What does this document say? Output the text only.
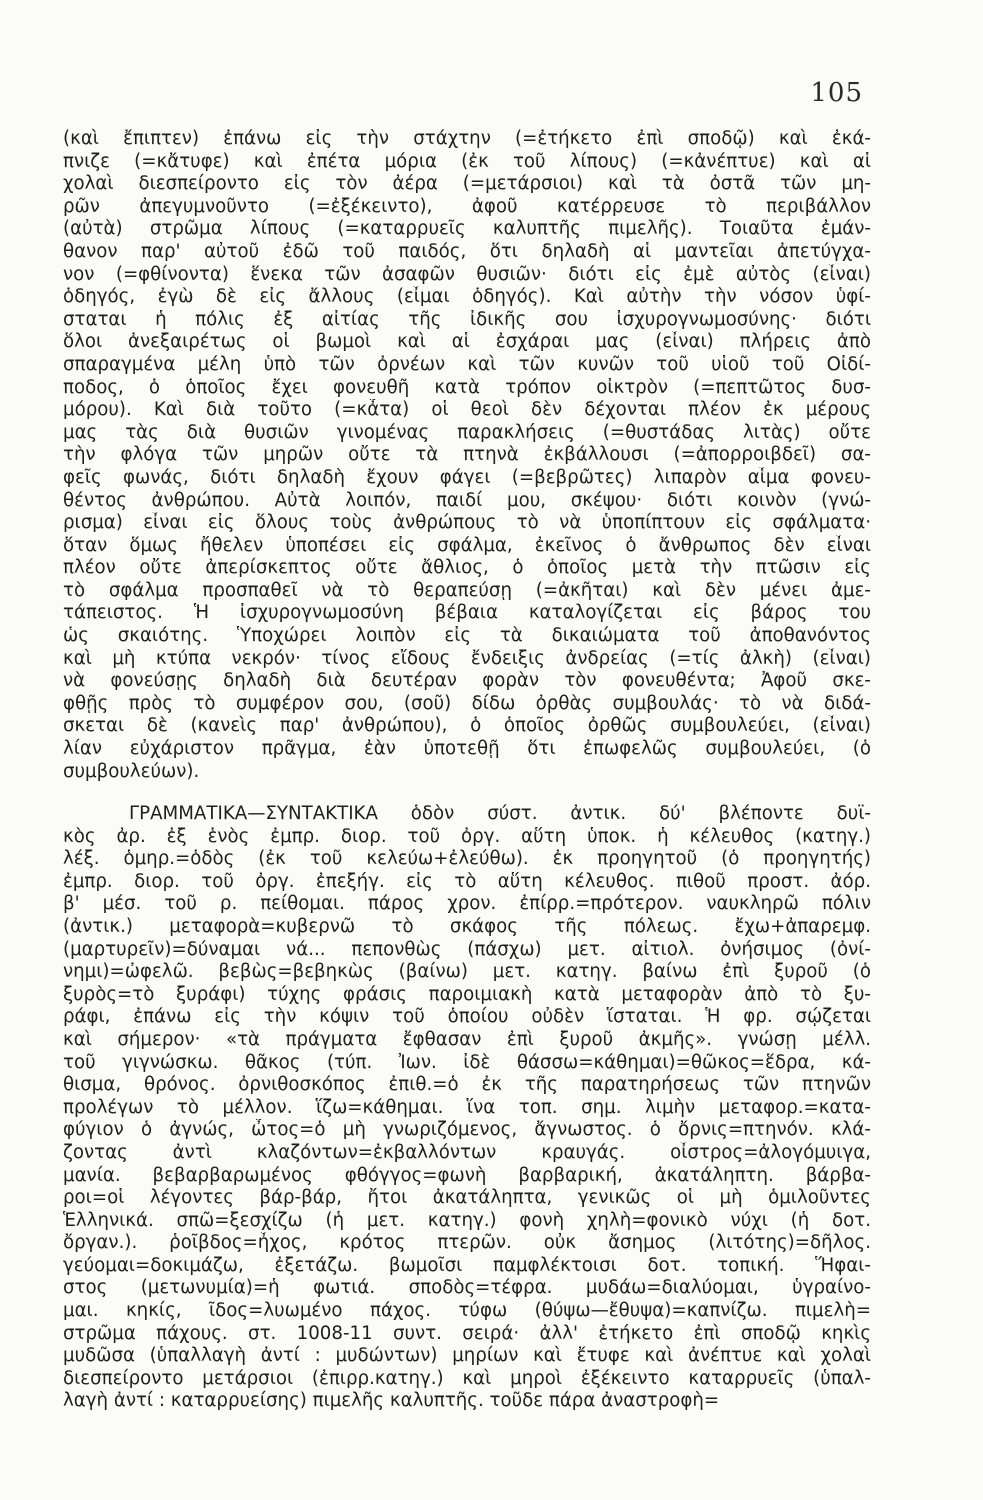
105
(καὶ ἔπιπτεν) ἐπάνω εἰς τὴν στάχτην (=ἐτήκετο ἐπὶ σποδῷ) καὶ ἐκά-
πνιζε (=κἄτυφε) καὶ ἐπέτα μόρια (ἐκ τοῦ λίπους) (=κἀνέπτυε) καὶ αἱ
χολαὶ διεσπείροντο εἰς τὸν ἀέρα (=μετάρσιοι) καὶ τὰ ὀστᾶ τῶν μη-
ρῶν ἀπεγυμνοῦντο (=ἐξέκειντο), ἀφοῦ κατέρρευσε τὸ περιβάλλον
(αὐτὰ) στρῶμα λίπους (=καταρρυεῖς καλυπτῆς πιμελῆς). Τοιαῦτα ἐμάν-
θανον παρ' αὐτοῦ ἐδῶ τοῦ παιδός, ὅτι δηλαδὴ αἱ μαντεῖαι ἀπετύγχα-
νον (=φθίνοντα) ἕνεκα τῶν ἀσαφῶν θυσιῶν· διότι εἰς ἐμὲ αὐτὸς (εἶναι)
ὁδηγός, ἐγὼ δὲ εἰς ἄλλους (εἶμαι ὁδηγός). Καὶ αὐτὴν τὴν νόσον ὑφί-
σταται ἡ πόλις ἐξ αἰτίας τῆς ἰδικῆς σου ἰσχυρογνωμοσύνης· διότι
ὅλοι ἀνεξαιρέτως οἱ βωμοὶ καὶ αἱ ἐσχάραι μας (εἶναι) πλήρεις ἀπὸ
σπαραγμένα μέλη ὑπὸ τῶν ὀρνέων καὶ τῶν κυνῶν τοῦ υἱοῦ τοῦ Οἰδί-
ποδος, ὁ ὁποῖος ἔχει φονευθῆ κατὰ τρόπον οἰκτρὸν (=πεπτῶτος δυσ-
μόρου). Καὶ διὰ τοῦτο (=κἆτα) οἱ θεοὶ δὲν δέχονται πλέον ἐκ μέρους
μας τὰς διὰ θυσιῶν γινομένας παρακλήσεις (=θυστάδας λιτὰς) οὔτε
τὴν φλόγα τῶν μηρῶν οὔτε τὰ πτηνὰ ἐκβάλλουσι (=ἀπορροιβδεῖ) σα-
φεῖς φωνάς, διότι δηλαδὴ ἔχουν φάγει (=βεβρῶτες) λιπαρὸν αἷμα φονευ-
θέντος ἀνθρώπου. Αὐτὰ λοιπόν, παιδί μου, σκέψου· διότι κοινὸν (γνώ-
ρισμα) εἶναι εἰς ὅλους τοὺς ἀνθρώπους τὸ νὰ ὑποπίπτουν εἰς σφάλματα·
ὅταν ὅμως ἤθελεν ὑποπέσει εἰς σφάλμα, ἐκεῖνος ὁ ἄνθρωπος δὲν εἶναι
πλέον οὔτε ἀπερίσκεπτος οὔτε ἄθλιος, ὁ ὁποῖος μετὰ τὴν πτῶσιν εἰς
τὸ σφάλμα προσπαθεῖ νὰ τὸ θεραπεύσῃ (=ἀκῆται) καὶ δὲν μένει ἀμε-
τάπειστος. Ἡ ἰσχυρογνωμοσύνη βέβαια καταλογίζεται εἰς βάρος του
ὡς σκαιότης. Ὑποχώρει λοιπὸν εἰς τὰ δικαιώματα τοῦ ἀποθανόντος
καὶ μὴ κτύπα νεκρόν· τίνος εἴδους ἔνδειξις ἀνδρείας (=τίς ἀλκὴ) (εἶναι)
νὰ φονεύσῃς δηλαδὴ διὰ δευτέραν φορὰν τὸν φονευθέντα; Ἀφοῦ σκε-
φθῇς πρὸς τὸ συμφέρον σου, (σοῦ) δίδω ὀρθὰς συμβουλάς· τὸ νὰ διδά-
σκεται δὲ (κανεὶς παρ' ἀνθρώπου), ὁ ὁποῖος ὀρθῶς συμβουλεύει, (εἶναι)
λίαν εὐχάριστον πρᾶγμα, ἐὰν ὑποτεθῇ ὅτι ἐπωφελῶς συμβουλεύει, (ὁ
συμβουλεύων).
ΓΡΑΜΜΑΤΙΚΑ—ΣΥΝΤΑΚΤΙΚΑ ὁδὸν σύστ. ἀντικ. δύ' βλέποντε δυϊ-
κὸς ἀρ. ἐξ ἑνὸς ἐμπρ. διορ. τοῦ ὀργ. αὕτη ὑποκ. ἡ κέλευθος (κατηγ.)
λέξ. ὁμηρ.=ὁδὸς (ἐκ τοῦ κελεύω+ἐλεύθω). ἐκ προηγητοῦ (ὁ προηγητής)
ἐμπρ. διορ. τοῦ ὀργ. ἐπεξήγ. εἰς τὸ αὕτη κέλευθος. πιθοῦ προστ. ἀόρ.
β' μέσ. τοῦ ρ. πείθομαι. πάρος χρον. ἐπίρρ.=πρότερον. ναυκληρῶ πόλιν
(ἀντικ.) μεταφορὰ=κυβερνῶ τὸ σκάφος τῆς πόλεως. ἔχω+ἀπαρεμφ.
(μαρτυρεῖν)=δύναμαι νά... πεπονθὼς (πάσχω) μετ. αἰτιολ. ὀνήσιμος (ὀνί-
νημι)=ὠφελῶ. βεβὼς=βεβηκὼς (βαίνω) μετ. κατηγ. βαίνω ἐπὶ ξυροῦ (ὁ
ξυρὸς=τὸ ξυράφι) τύχης φράσις παροιμιακὴ κατὰ μεταφορὰν ἀπὸ τὸ ξυ-
ράφι, ἐπάνω εἰς τὴν κόψιν τοῦ ὁποίου οὐδὲν ἵσταται. Ἡ φρ. σῴζεται
καὶ σήμερον· «τὰ πράγματα ἔφθασαν ἐπὶ ξυροῦ ἀκμῆς». γνώσῃ μέλλ.
τοῦ γιγνώσκω. θᾶκος (τύπ. Ἰων. ἰδὲ θάσσω=κάθημαι)=θῶκος=ἕδρα, κά-
θισμα, θρόνος. ὀρνιθοσκόπος ἐπιθ.=ὁ ἐκ τῆς παρατηρήσεως τῶν πτηνῶν
προλέγων τὸ μέλλον. ἵζω=κάθημαι. ἵνα τοπ. σημ. λιμὴν μεταφορ.=κατα-
φύγιον ὁ ἀγνώς, ὦτος=ὁ μὴ γνωριζόμενος, ἄγνωστος. ὁ ὄρνις=πτηνόν. κλά-
ζοντας ἀντὶ κλαζόντων=ἐκβαλλόντων κραυγάς. οἶστρος=ἀλογόμυιγα,
μανία. βεβαρβαρωμένος φθόγγος=φωνὴ βαρβαρική, ἀκατάληπτη. βάρβα-
ροι=οἱ λέγοντες βάρ-βάρ, ἤτοι ἀκατάληπτα, γενικῶς οἱ μὴ ὁμιλοῦντες
Ἑλληνικά. σπῶ=ξεσχίζω (ἡ μετ. κατηγ.) φονὴ χηλὴ=φονικὸ νύχι (ἡ δοτ.
ὄργαν.). ῥοῖβδος=ἦχος, κρότος πτερῶν. οὐκ ἄσημος (λιτότης)=δῆλος.
γεύομαι=δοκιμάζω, ἐξετάζω. βωμοῖσι παμφλέκτοισι δοτ. τοπική. Ἥφαι-
στος (μετωνυμία)=ἡ φωτιά. σποδὸς=τέφρα. μυδάω=διαλύομαι, ὑγραίνο-
μαι. κηκίς, ῖδος=λυωμένο πάχος. τύφω (θύψω—ἔθυψα)=καπνίζω. πιμελὴ=
στρῶμα πάχους. στ. 1008-11 συντ. σειρά· ἀλλ' ἐτήκετο ἐπὶ σποδῷ κηκὶς
μυδῶσα (ὑπαλλαγὴ ἀντί : μυδώντων) μηρίων καὶ ἔτυφε καὶ ἀνέπτυε καὶ χολαὶ
διεσπείροντο μετάρσιοι (ἐπιρρ.κατηγ.) καὶ μηροὶ ἐξέκειντο καταρρυεῖς (ὑπαλ-
λαγὴ ἀντί : καταρρυείσης) πιμελῆς καλυπτῆς. τοῦδε πάρα ἀναστροφὴ=
